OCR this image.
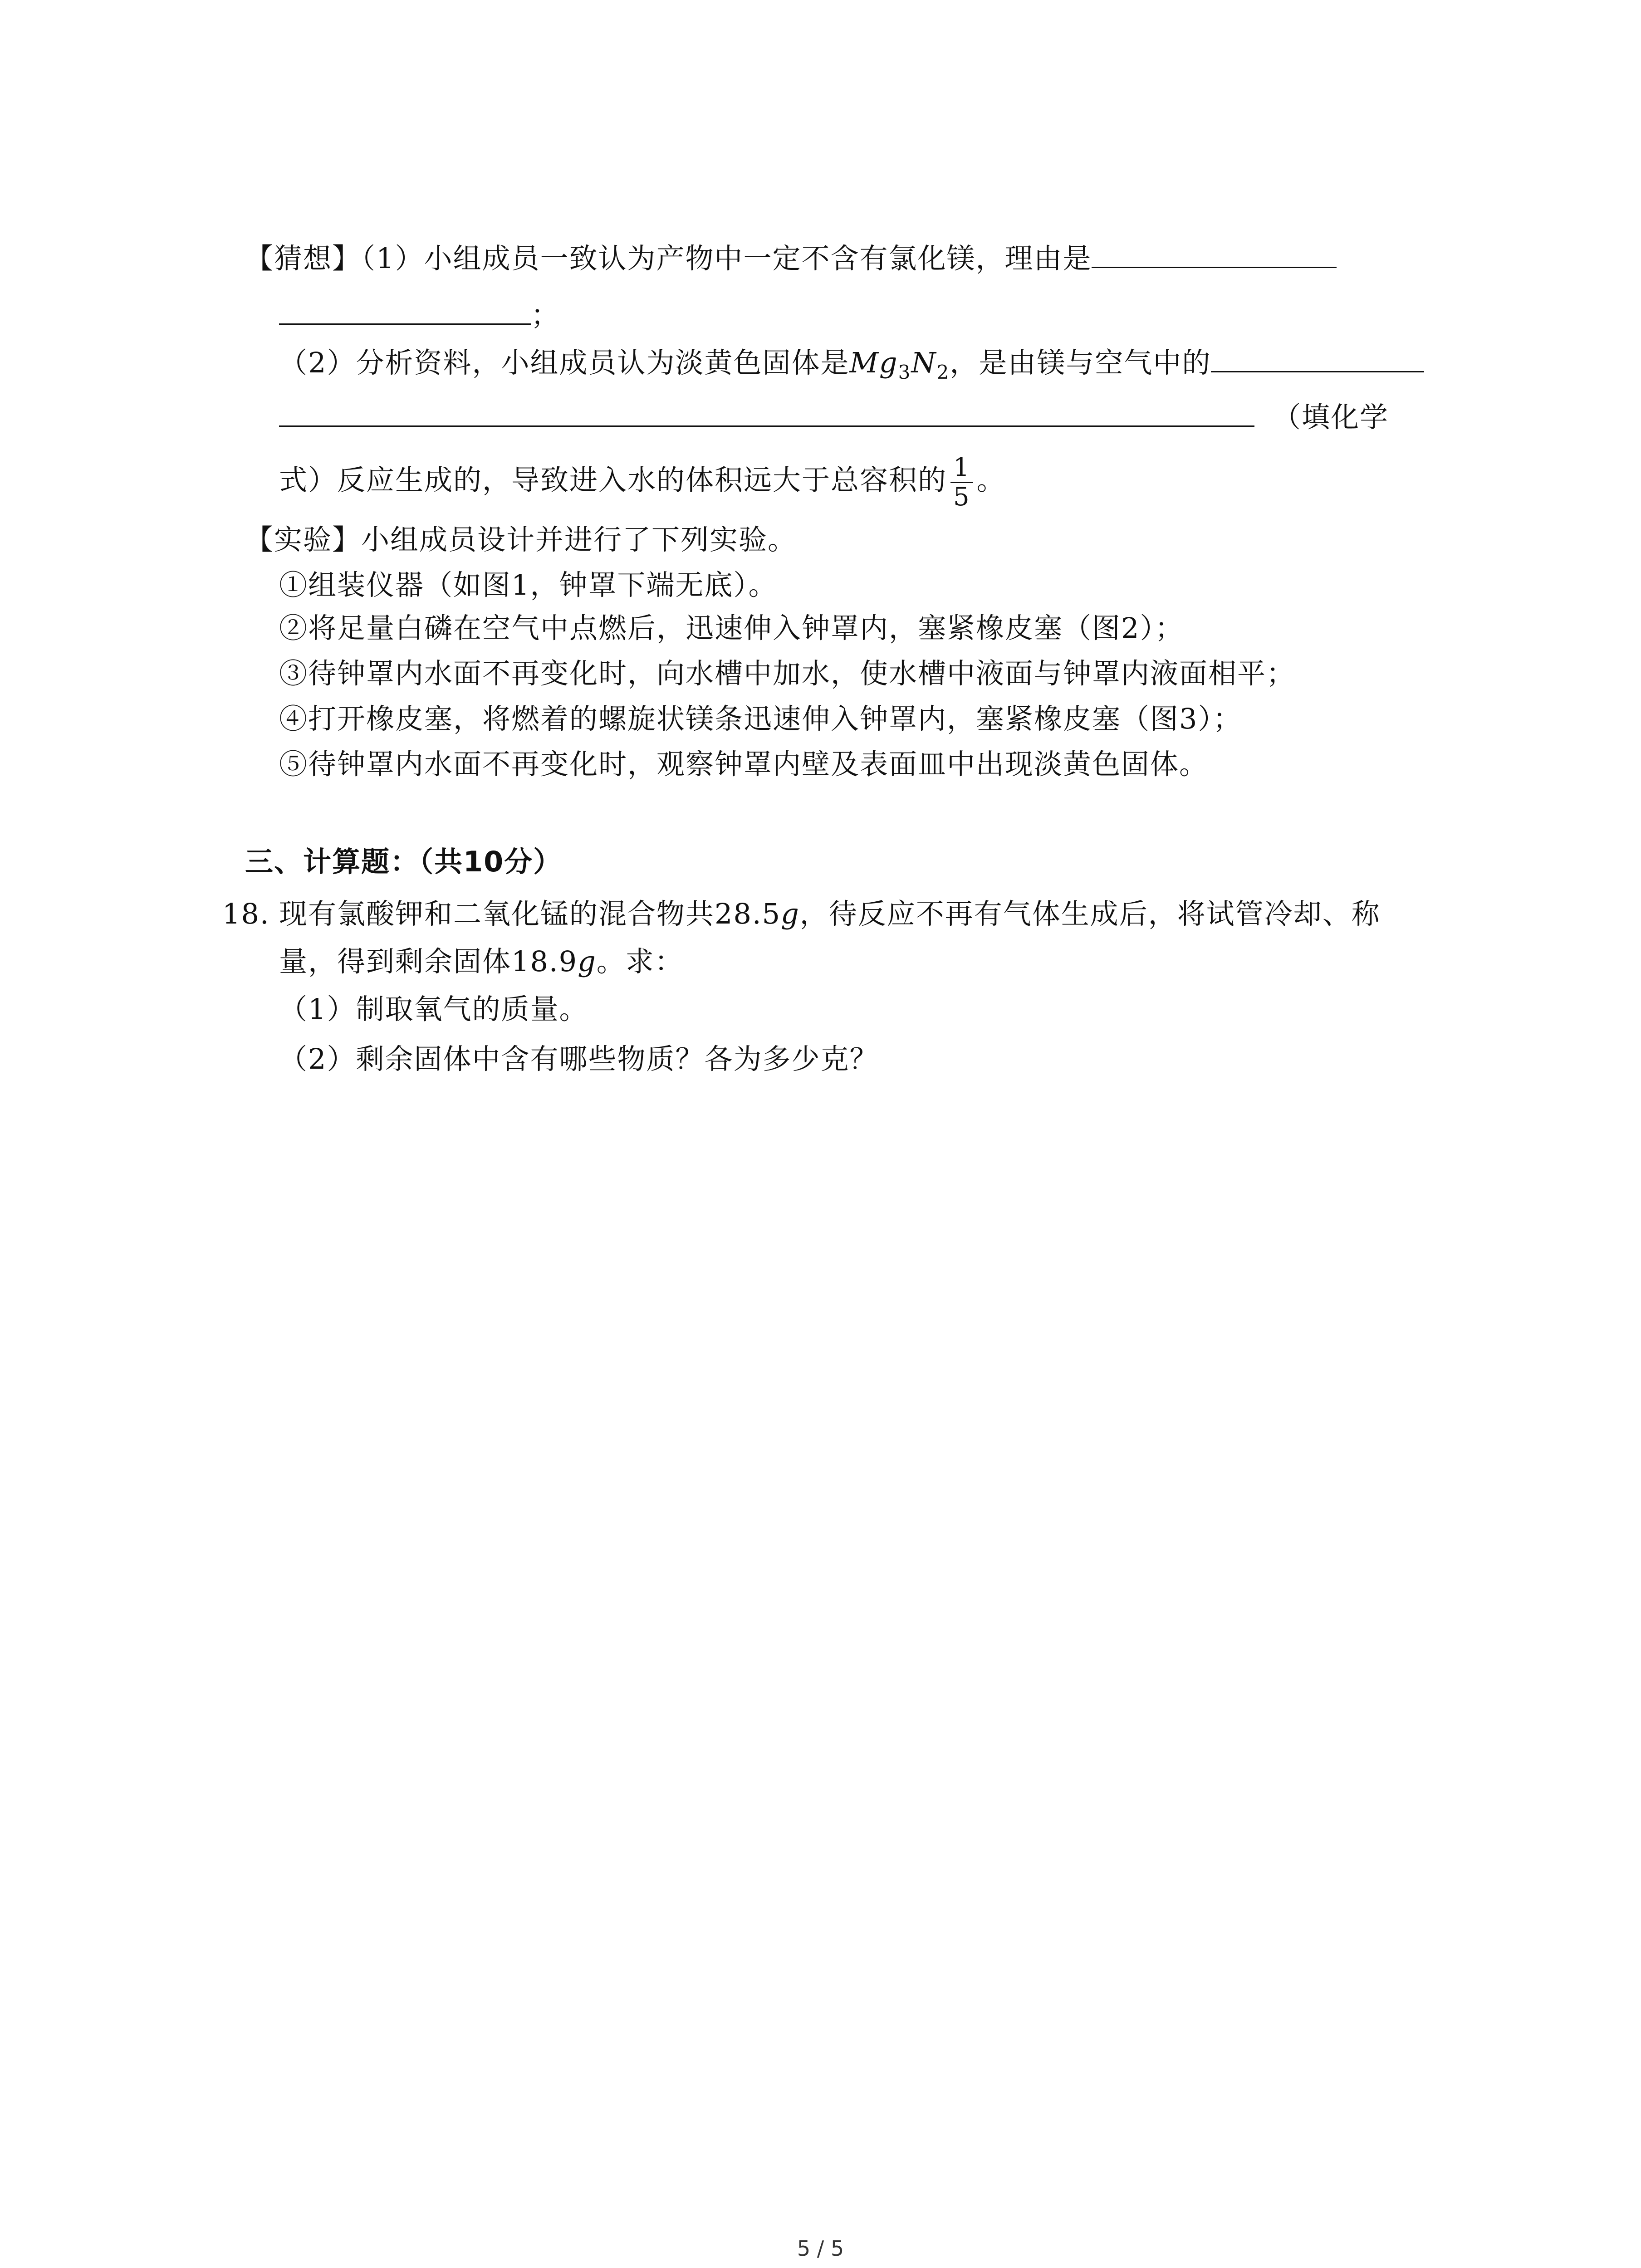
【猜想】（1）小组成员一致认为产物中一定不含有氯化镁，理由是
；
（2）分析资料，小组成员认为淡黄色固体是$Mg_3N_2$，是由镁与空气中的
（填化学
式）反应生成的，导致进入水的体积远大于总容积的 $\frac{1}{5}$ 。
【实验】小组成员设计并进行了下列实验。
①组装仪器（如图1，钟罩下端无底）。
②将足量白磷在空气中点燃后，迅速伸入钟罩内，塞紧橡皮塞（图2）；
③待钟罩内水面不再变化时，向水槽中加水，使水槽中液面与钟罩内液面相平；
④打开橡皮塞，将燃着的螺旋状镁条迅速伸入钟罩内，塞紧橡皮塞（图3）；
⑤待钟罩内水面不再变化时，观察钟罩内壁及表面皿中出现淡黄色固体。
三、计算题：（共10分）
18. 现有氯酸钾和二氧化锰的混合物共28.5g，待反应不再有气体生成后，将试管冷却、称
量，得到剩余固体18.9g。求：
（1）制取氧气的质量。
（2）剩余固体中含有哪些物质？各为多少克？
5 / 5
